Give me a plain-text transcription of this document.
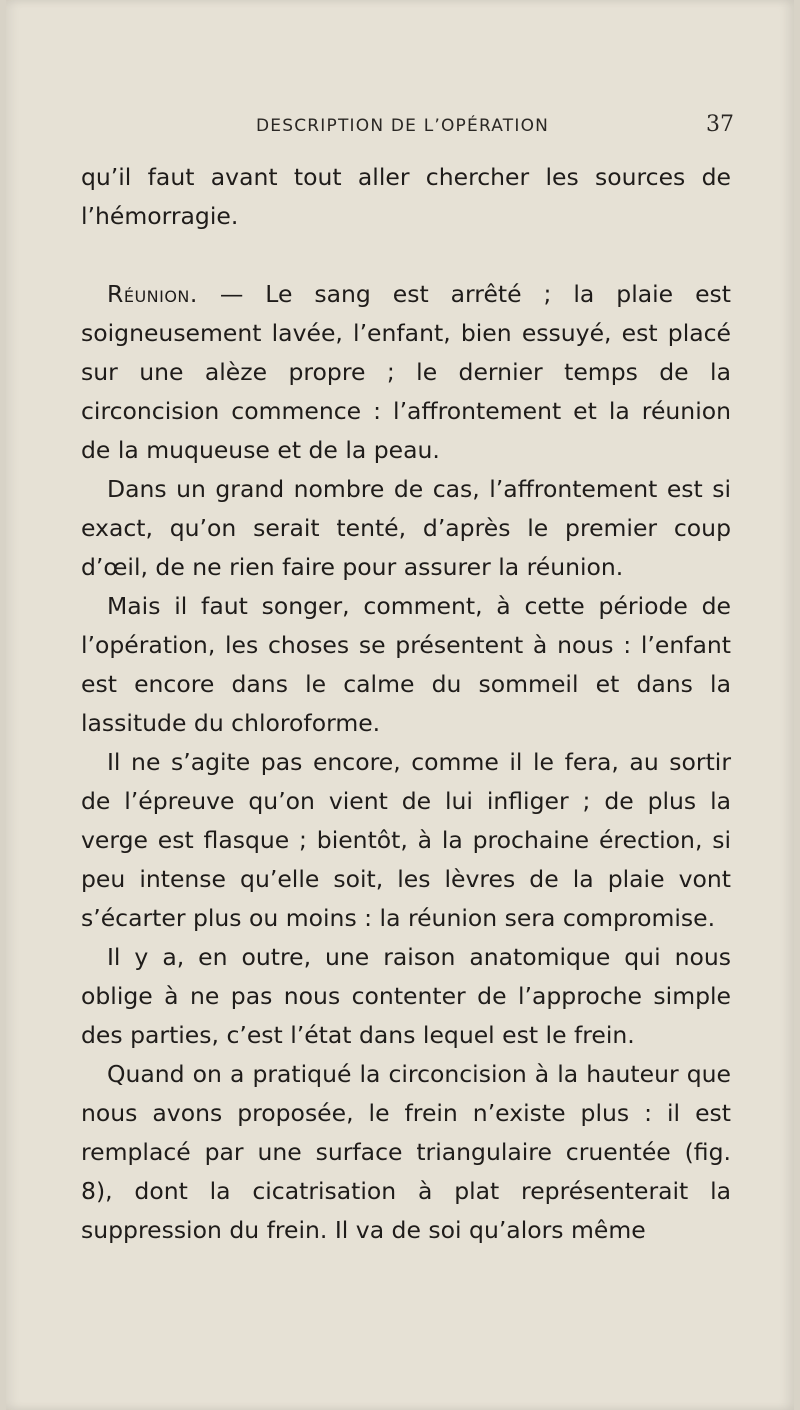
DESCRIPTION DE L’OPÉRATION	37

qu’il faut avant tout aller chercher les sources de l’hémorragie.

Réunion. — Le sang est arrêté ; la plaie est soigneusement lavée, l’enfant, bien essuyé, est placé sur une alèze propre ; le dernier temps de la circoncision commence : l’affrontement et la réunion de la muqueuse et de la peau.

Dans un grand nombre de cas, l’affrontement est si exact, qu’on serait tenté, d’après le premier coup d’œil, de ne rien faire pour assurer la réunion.

Mais il faut songer, comment, à cette période de l’opération, les choses se présentent à nous : l’enfant est encore dans le calme du sommeil et dans la lassitude du chloroforme.

Il ne s’agite pas encore, comme il le fera, au sortir de l’épreuve qu’on vient de lui infliger ; de plus la verge est flasque ; bientôt, à la prochaine érection, si peu intense qu’elle soit, les lèvres de la plaie vont s’écarter plus ou moins : la réunion sera compromise.

Il y a, en outre, une raison anatomique qui nous oblige à ne pas nous contenter de l’approche simple des parties, c’est l’état dans lequel est le frein.

Quand on a pratiqué la circoncision à la hauteur que nous avons proposée, le frein n’existe plus : il est remplacé par une surface triangulaire cruentée (fig. 8), dont la cicatrisation à plat représenterait la suppression du frein. Il va de soi qu’alors même
